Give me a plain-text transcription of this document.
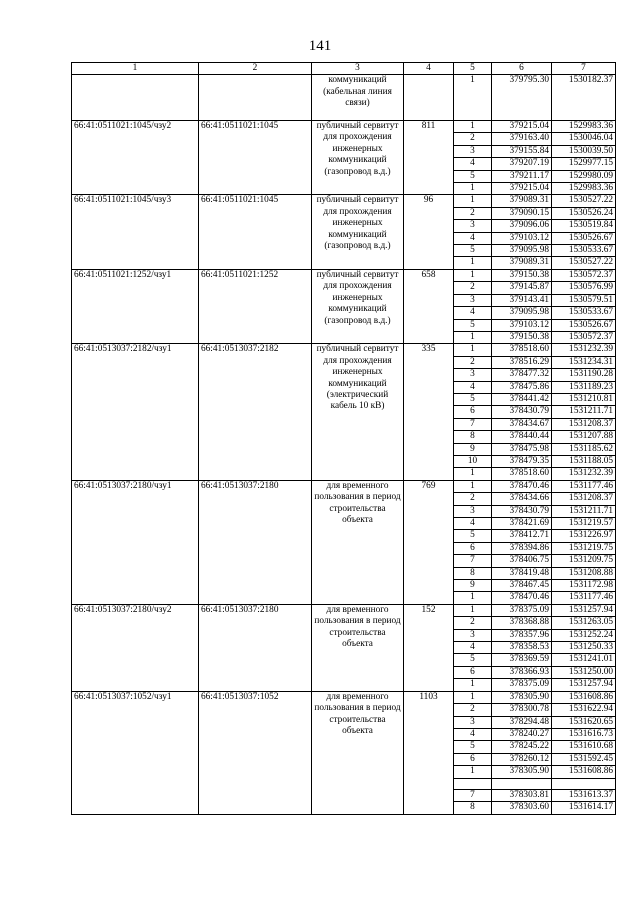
141
1	2	3	4	5	6	7
		коммуникаций (кабельная линия связи)		1	379795.30	1530182.37
66:41:0511021:1045/чзу2	66:41:0511021:1045	публичный сервитут для прохождения инженерных коммуникаций (газопровод в.д.)	811	1	379215.04	1529983.36
				2	379163.40	1530046.04
				3	379155.84	1530039.50
				4	379207.19	1529977.15
				5	379211.17	1529980.09
				1	379215.04	1529983.36
66:41:0511021:1045/чзу3	66:41:0511021:1045	публичный сервитут для прохождения инженерных коммуникаций (газопровод в.д.)	96	1	379089.31	1530527.22
				2	379090.15	1530526.24
				3	379096.06	1530519.84
				4	379103.12	1530526.67
				5	379095.98	1530533.67
				1	379089.31	1530527.22
66:41:0511021:1252/чзу1	66:41:0511021:1252	публичный сервитут для прохождения инженерных коммуникаций (газопровод в.д.)	658	1	379150.38	1530572.37
				2	379145.87	1530576.99
				3	379143.41	1530579.51
				4	379095.98	1530533.67
				5	379103.12	1530526.67
				1	379150.38	1530572.37
66:41:0513037:2182/чзу1	66:41:0513037:2182	публичный сервитут для прохождения инженерных коммуникаций (электрический кабель 10 кВ)	335	1	378518.60	1531232.39
				2	378516.29	1531234.31
				3	378477.32	1531190.28
				4	378475.86	1531189.23
				5	378441.42	1531210.81
				6	378430.79	1531211.71
				7	378434.67	1531208.37
				8	378440.44	1531207.88
				9	378475.98	1531185.62
				10	378479.35	1531188.05
				1	378518.60	1531232.39
66:41:0513037:2180/чзу1	66:41:0513037:2180	для временного пользования в период строительства объекта	769	1	378470.46	1531177.46
				2	378434.66	1531208.37
				3	378430.79	1531211.71
				4	378421.69	1531219.57
				5	378412.71	1531226.97
				6	378394.86	1531219.75
				7	378406.75	1531209.75
				8	378419.48	1531208.88
				9	378467.45	1531172.98
				1	378470.46	1531177.46
66:41:0513037:2180/чзу2	66:41:0513037:2180	для временного пользования в период строительства объекта	152	1	378375.09	1531257.94
				2	378368.88	1531263.05
				3	378357.96	1531252.24
				4	378358.53	1531250.33
				5	378369.59	1531241.01
				6	378366.93	1531250.00
				1	378375.09	1531257.94
66:41:0513037:1052/чзу1	66:41:0513037:1052	для временного пользования в период строительства объекта	1103	1	378305.90	1531608.86
				2	378300.78	1531622.94
				3	378294.48	1531620.65
				4	378240.27	1531616.73
				5	378245.22	1531610.68
				6	378260.12	1531592.45
				1	378305.90	1531608.86

				7	378303.81	1531613.37
				8	378303.60	1531614.17
